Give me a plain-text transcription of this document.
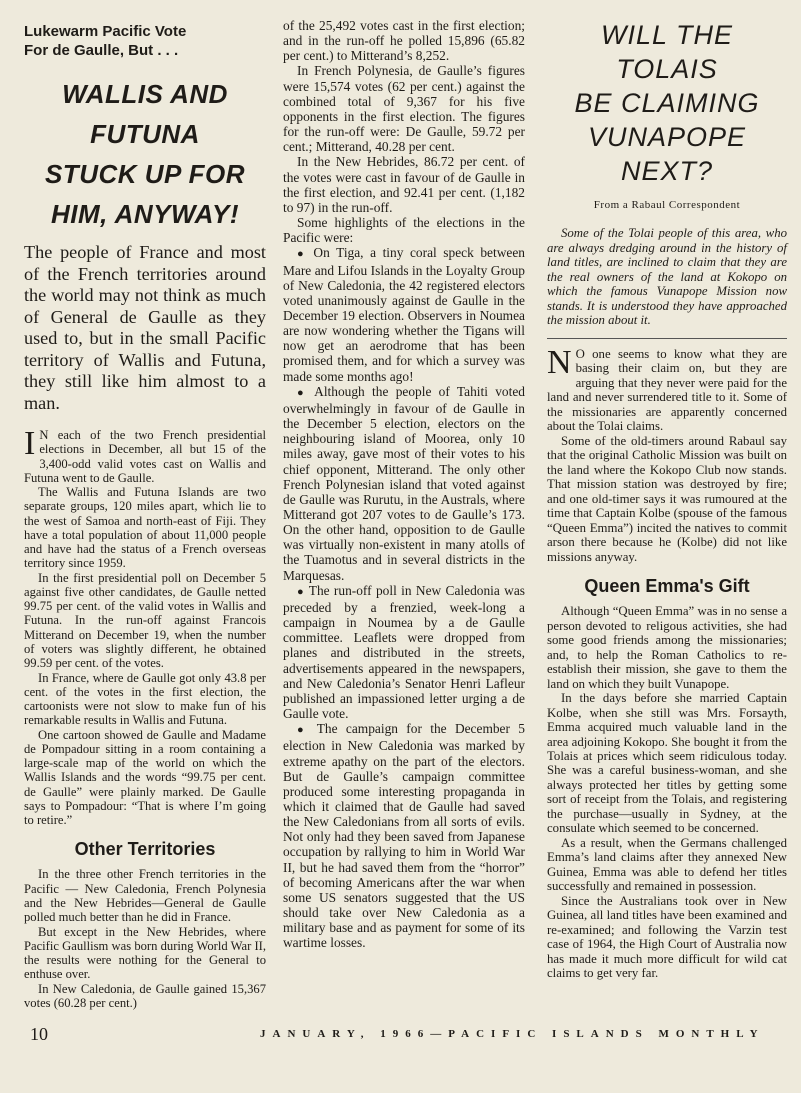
Lukewarm Pacific Vote
For de Gaulle, But . . .
WALLIS AND FUTUNA
STUCK UP FOR
HIM, ANYWAY!

The people of France and most of the French territories around the world may not think as much of General de Gaulle as they used to, but in the small Pacific territory of Wallis and Futuna, they still like him almost to a man.

I N each of the two French presidential elections in December, all but 15 of the 3,400-odd valid votes cast on Wallis and Futuna went to de Gaulle.

The Wallis and Futuna Islands are two separate groups, 120 miles apart, which lie to the west of Samoa and north-east of Fiji. They have a total population of about 11,000 people and have had the status of a French overseas territory since 1959.

In the first presidential poll on December 5 against five other candidates, de Gaulle netted 99.75 per cent. of the valid votes in Wallis and Futuna. In the run-off against Francois Mitterand on December 19, when the number of voters was slightly different, he obtained 99.59 per cent. of the votes.

In France, where de Gaulle got only 43.8 per cent. of the votes in the first election, the cartoonists were not slow to make fun of his remarkable results in Wallis and Futuna.

One cartoon showed de Gaulle and Madame de Pompadour sitting in a room containing a large-scale map of the world on which the Wallis Islands and the words “99.75 per cent. de Gaulle” were plainly marked. De Gaulle says to Pompadour: “That is where I’m going to retire.”

Other Territories

In the three other French territories in the Pacific — New Caledonia, French Polynesia and the New Hebrides—General de Gaulle polled much better than he did in France.

But except in the New Hebrides, where Pacific Gaullism was born during World War II, the results were nothing for the General to enthuse over.

In New Caledonia, de Gaulle gained 15,367 votes (60.28 per cent.)

of the 25,492 votes cast in the first election; and in the run-off he polled 15,896 (65.82 per cent.) to Mitterand’s 8,252.

In French Polynesia, de Gaulle’s figures were 15,574 votes (62 per cent.) against the combined total of 9,367 for his five opponents in the first election. The figures for the run-off were: De Gaulle, 59.72 per cent.; Mitterand, 40.28 per cent.

In the New Hebrides, 86.72 per cent. of the votes were cast in favour of de Gaulle in the first election, and 92.41 per cent. (1,182 to 97) in the run-off.

Some highlights of the elections in the Pacific were:

● On Tiga, a tiny coral speck between Mare and Lifou Islands in the Loyalty Group of New Caledonia, the 42 registered electors voted unanimously against de Gaulle in the December 19 election. Observers in Noumea are now wondering whether the Tigans will now get an aerodrome that has been promised them, and for which a survey was made some months ago!

● Although the people of Tahiti voted overwhelmingly in favour of de Gaulle in the December 5 election, electors on the neighbouring island of Moorea, only 10 miles away, gave most of their votes to his chief opponent, Mitterand. The only other French Polynesian island that voted against de Gaulle was Rurutu, in the Australs, where Mitterand got 207 votes to de Gaulle’s 173. On the other hand, opposition to de Gaulle was virtually non-existent in many atolls of the Tuamotus and in several districts in the Marquesas.

● The run-off poll in New Caledonia was preceded by a frenzied, week-long a campaign in Noumea by a de Gaulle committee. Leaflets were dropped from planes and distributed in the streets, advertisements appeared in the newspapers, and New Caledonia’s Senator Henri Lafleur published an impassioned letter urging a de Gaulle vote.

● The campaign for the December 5 election in New Caledonia was marked by extreme apathy on the part of the electors. But de Gaulle’s campaign committee produced some interesting propaganda in which it claimed that de Gaulle had saved the New Caledonians from all sorts of evils. Not only had they been saved from Japanese occupation by rallying to him in World War II, but he had saved them from the “horror” of becoming Americans after the war when some US senators suggested that the US should take over New Caledonia as a military base and as payment for some of its wartime losses.

WILL THE TOLAIS
BE CLAIMING
VUNAPOPE NEXT?
From a Rabaul Correspondent

Some of the Tolai people of this area, who are always dredging around in the history of land titles, are inclined to claim that they are the real owners of the land at Kokopo on which the famous Vunapope Mission now stands. It is understood they have approached the mission about it.

N O one seems to know what they are basing their claim on, but they are arguing that they never were paid for the land and never surrendered title to it. Some of the missionaries are apparently concerned about the Tolai claims.

Some of the old-timers around Rabaul say that the original Catholic Mission was built on the land where the Kokopo Club now stands. That mission station was destroyed by fire; and one old-timer says it was rumoured at the time that Captain Kolbe (spouse of the famous “Queen Emma”) incited the natives to commit arson there because he (Kolbe) did not like missions anyway.

Queen Emma's Gift

Although “Queen Emma” was in no sense a person devoted to religous activities, she had some good friends among the missionaries; and, to help the Roman Catholics to re-establish their mission, she gave to them the land on which they built Vunapope.

In the days before she married Captain Kolbe, when she still was Mrs. Forsayth, Emma acquired much valuable land in the area adjoining Kokopo. She bought it from the Tolais at prices which seem ridiculous today. She was a careful business-woman, and she always protected her titles by getting some sort of receipt from the Tolais, and registering the purchase—usually in Sydney, at the consulate which seemed to be concerned.

As a result, when the Germans challenged Emma’s land claims after they annexed New Guinea, Emma was able to defend her titles successfully and remained in possession.

Since the Australians took over in New Guinea, all land titles have been examined and re-examined; and following the Varzin test case of 1964, the High Court of Australia now has made it much more difficult for wild cat claims to get very far.

10	JANUARY, 1966—PACIFIC ISLANDS MONTHLY
